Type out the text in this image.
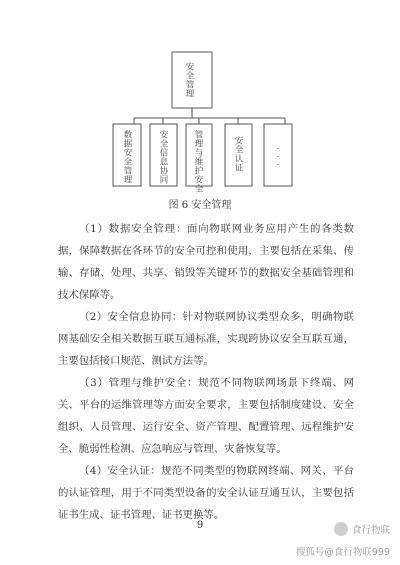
安全管理
数据安全管理	安全信息协同	管理与维护安全	安全认证	...
图 6 安全管理
（1）数据安全管理：面向物联网业务应用产生的各类数据，保障数据在各环节的安全可控和使用，主要包括在采集、传输、存储、处理、共享、销毁等关键环节的数据安全基础管理和技术保障等。
（2）安全信息协同：针对物联网协议类型众多，明确物联网基础安全相关数据互联互通标准，实现跨协议安全互联互通，主要包括接口规范、测试方法等。
（3）管理与维护安全：规范不同物联网场景下终端、网关、平台的运维管理等方面安全要求，主要包括制度建设、安全组织、人员管理、运行安全、资产管理、配置管理、远程维护安全、脆弱性检测、应急响应与管理、灾备恢复等。
（4）安全认证：规范不同类型的物联网终端、网关、平台的认证管理，用于不同类型设备的安全认证互通互认，主要包括证书生成、证书管理、证书更换等。
9	食行物联
搜狐号@食行物联999
